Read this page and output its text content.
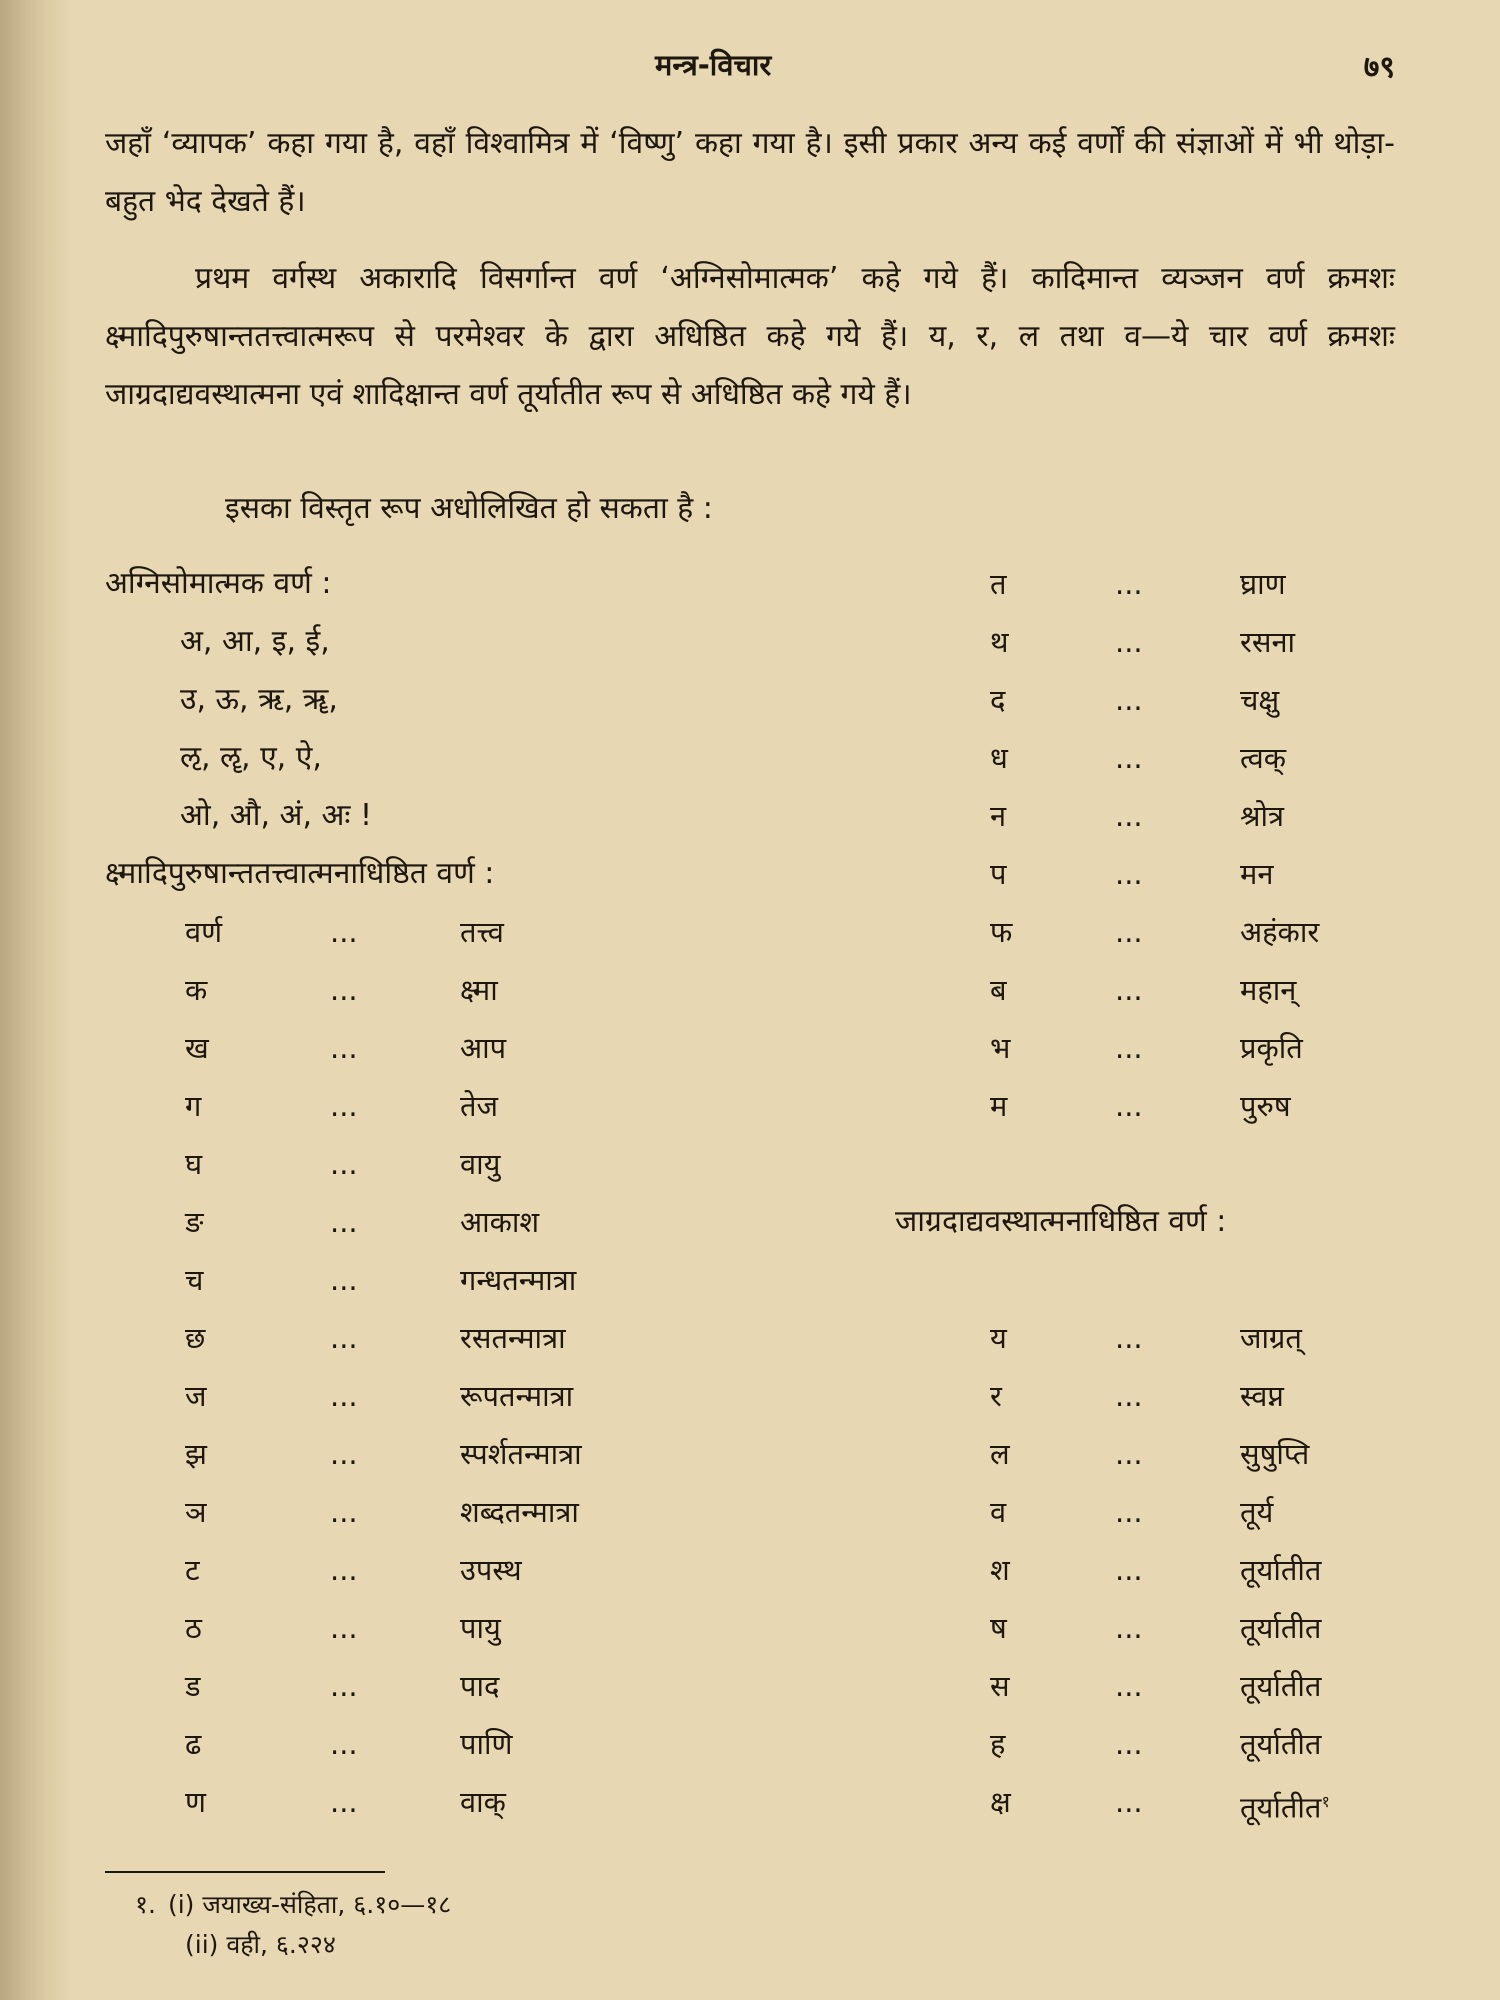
मन्त्र-विचार	७९

जहाँ ‘व्यापक’ कहा गया है, वहाँ विश्वामित्र में ‘विष्णु’ कहा गया है। इसी प्रकार अन्य कई वर्णों की संज्ञाओं में भी थोड़ा-बहुत भेद देखते हैं।

प्रथम वर्गस्थ अकारादि विसर्गान्त वर्ण ‘अग्निसोमात्मक’ कहे गये हैं। कादिमान्त व्यञ्जन वर्ण क्रमशः क्ष्मादिपुरुषान्ततत्त्वात्मरूप से परमेश्वर के द्वारा अधिष्ठित कहे गये हैं। य, र, ल तथा व—ये चार वर्ण क्रमशः जाग्रदाद्यवस्थात्मना एवं शादिक्षान्त वर्ण तूर्यातीत रूप से अधिष्ठित कहे गये हैं।

इसका विस्तृत रूप अधोलिखित हो सकता है :

अग्निसोमात्मक वर्ण :
अ, आ, इ, ई,
उ, ऊ, ऋ, ॠ,
ऌ, ॡ, ए, ऐ,
ओ, औ, अं, अः !
क्ष्मादिपुरुषान्ततत्त्वात्मनाधिष्ठित वर्ण :
वर्ण	...	तत्त्व
क	...	क्ष्मा
ख	...	आप
ग	...	तेज
घ	...	वायु
ङ	...	आकाश
च	...	गन्धतन्मात्रा
छ	...	रसतन्मात्रा
ज	...	रूपतन्मात्रा
झ	...	स्पर्शतन्मात्रा
ञ	...	शब्दतन्मात्रा
ट	...	उपस्थ
ठ	...	पायु
ड	...	पाद
ढ	...	पाणि
ण	...	वाक्
त	...	घ्राण
थ	...	रसना
द	...	चक्षु
ध	...	त्वक्
न	...	श्रोत्र
प	...	मन
फ	...	अहंकार
ब	...	महान्
भ	...	प्रकृति
म	...	पुरुष
जाग्रदाद्यवस्थात्मनाधिष्ठित वर्ण :
य	...	जाग्रत्
र	...	स्वप्न
ल	...	सुषुप्ति
व	...	तूर्य
श	...	तूर्यातीत
ष	...	तूर्यातीत
स	...	तूर्यातीत
ह	...	तूर्यातीत
क्ष	...	तूर्यातीत$^१$
१. (i) जयाख्य-संहिता, ६.१०—१८
(ii) वही, ६.२२४
